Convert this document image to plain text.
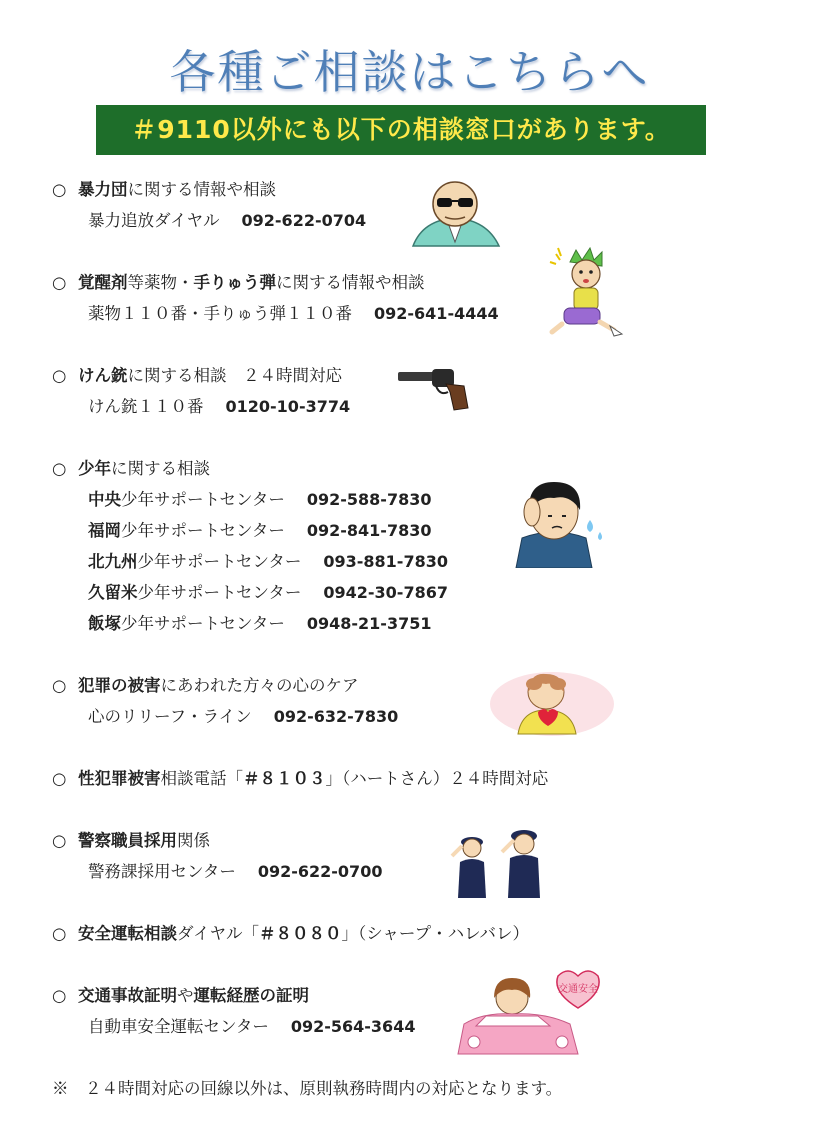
各種ご相談はこちらへ
＃9110以外にも以下の相談窓口があります。
○ 暴力団に関する情報や相談
暴力追放ダイヤル 092-622-0704
○ 覚醒剤等薬物・手りゅう弾に関する情報や相談
薬物１１０番・手りゅう弾１１０番 092-641-4444
○ けん銃に関する相談　２４時間対応
けん銃１１０番 0120-10-3774
○ 少年に関する相談
中央少年サポートセンター 092-588-7830
福岡少年サポートセンター 092-841-7830
北九州少年サポートセンター 093-881-7830
久留米少年サポートセンター 0942-30-7867
飯塚少年サポートセンター 0948-21-3751
○ 犯罪の被害にあわれた方々の心のケア
心のリリーフ・ライン 092-632-7830
○ 性犯罪被害相談電話「＃８１０３」（ハートさん）２４時間対応
○ 警察職員採用関係
警務課採用センター 092-622-0700
○ 安全運転相談ダイヤル「＃８０８０」（シャープ・ハレバレ）
○ 交通事故証明や運転経歴の証明
自動車安全運転センター 092-564-3644
※　２４時間対応の回線以外は、原則執務時間内の対応となります。
交通安全
